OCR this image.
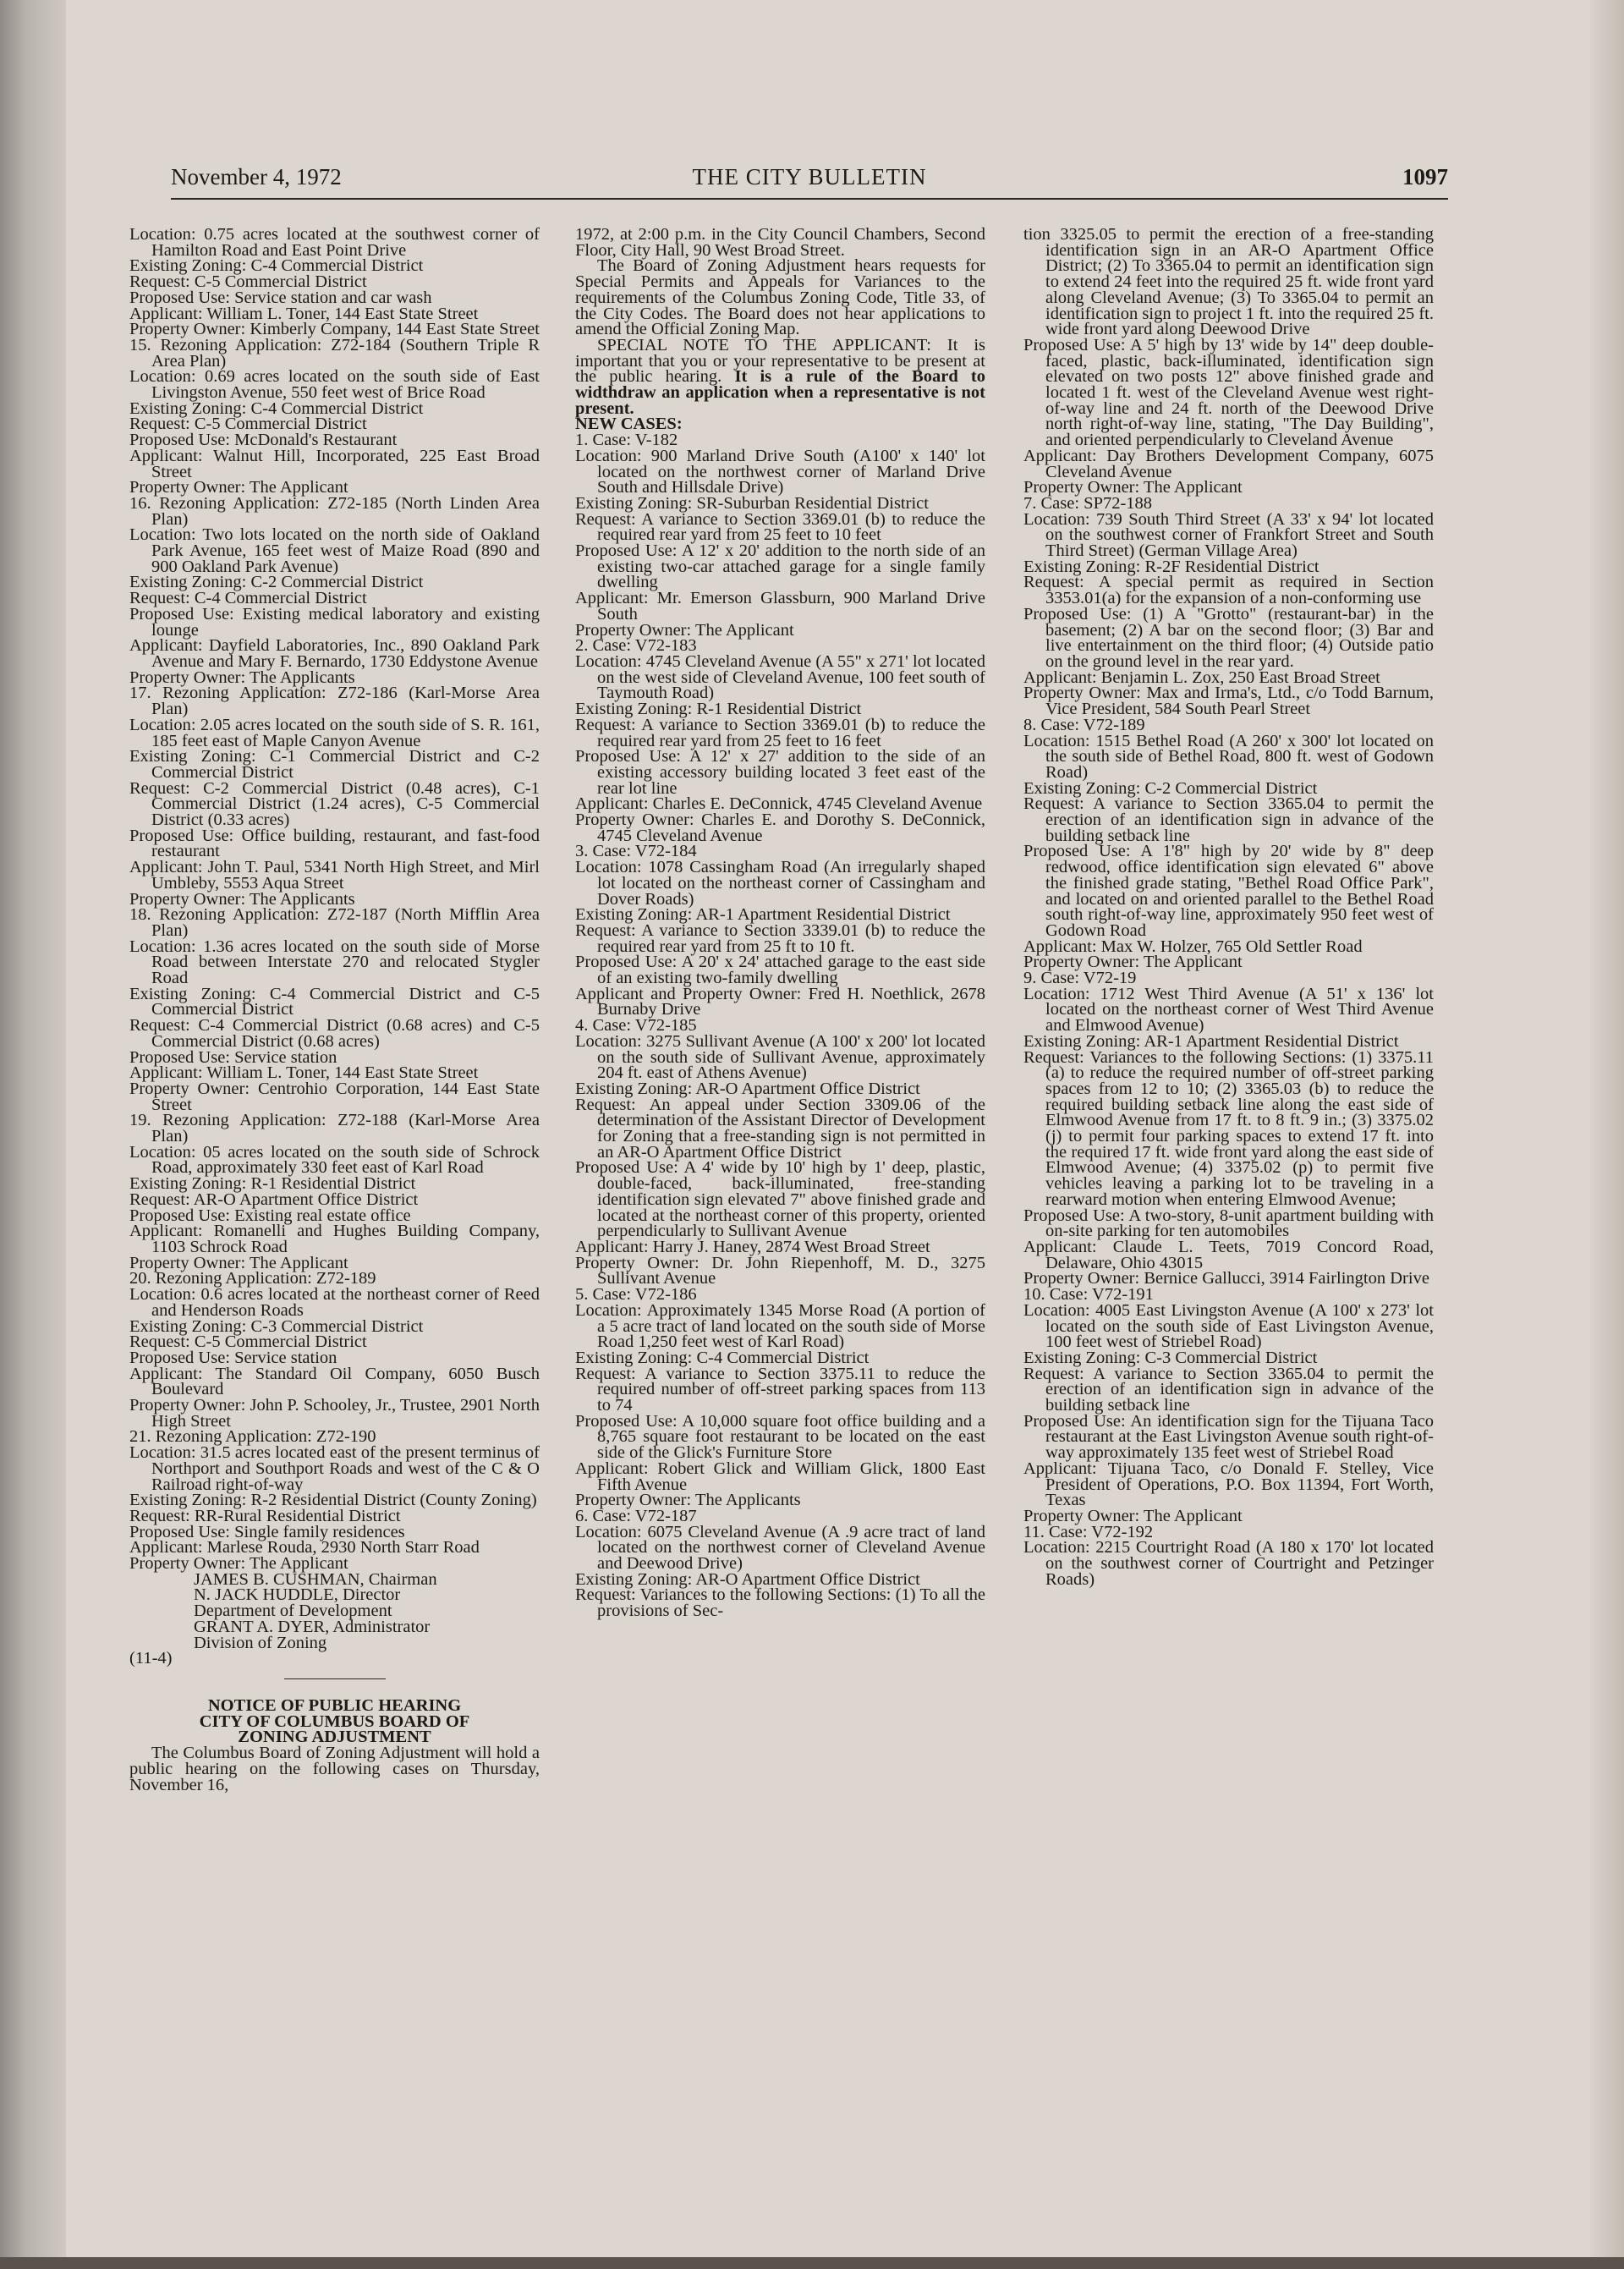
November 4, 1972	THE CITY BULLETIN	1097

Location: 0.75 acres located at the southwest corner of Hamilton Road and East Point Drive

Existing Zoning: C-4 Commercial District

Request: C-5 Commercial District

Proposed Use: Service station and car wash

Applicant: William L. Toner, 144 East State Street

Property Owner: Kimberly Company, 144 East State Street

15. Rezoning Application: Z72-184 (Southern Triple R Area Plan)

Location: 0.69 acres located on the south side of East Livingston Avenue, 550 feet west of Brice Road

Existing Zoning: C-4 Commercial District

Request: C-5 Commercial District

Proposed Use: McDonald's Restaurant

Applicant: Walnut Hill, Incorporated, 225 East Broad Street

Property Owner: The Applicant

16. Rezoning Application: Z72-185 (North Linden Area Plan)

Location: Two lots located on the north side of Oakland Park Avenue, 165 feet west of Maize Road (890 and 900 Oakland Park Avenue)

Existing Zoning: C-2 Commercial District

Request: C-4 Commercial District

Proposed Use: Existing medical laboratory and existing lounge

Applicant: Dayfield Laboratories, Inc., 890 Oakland Park Avenue and Mary F. Bernardo, 1730 Eddystone Avenue

Property Owner: The Applicants

17. Rezoning Application: Z72-186 (Karl-Morse Area Plan)

Location: 2.05 acres located on the south side of S. R. 161, 185 feet east of Maple Canyon Avenue

Existing Zoning: C-1 Commercial District and C-2 Commercial District

Request: C-2 Commercial District (0.48 acres), C-1 Commercial District (1.24 acres), C-5 Commercial District (0.33 acres)

Proposed Use: Office building, restaurant, and fast-food restaurant

Applicant: John T. Paul, 5341 North High Street, and Mirl Umbleby, 5553 Aqua Street

Property Owner: The Applicants

18. Rezoning Application: Z72-187 (North Mifflin Area Plan)

Location: 1.36 acres located on the south side of Morse Road between Interstate 270 and relocated Stygler Road

Existing Zoning: C-4 Commercial District and C-5 Commercial District

Request: C-4 Commercial District (0.68 acres) and C-5 Commercial District (0.68 acres)

Proposed Use: Service station

Applicant: William L. Toner, 144 East State Street

Property Owner: Centrohio Corporation, 144 East State Street

19. Rezoning Application: Z72-188 (Karl-Morse Area Plan)

Location: 05 acres located on the south side of Schrock Road, approximately 330 feet east of Karl Road

Existing Zoning: R-1 Residential District

Request: AR-O Apartment Office District

Proposed Use: Existing real estate office

Applicant: Romanelli and Hughes Building Company, 1103 Schrock Road

Property Owner: The Applicant

20. Rezoning Application: Z72-189

Location: 0.6 acres located at the northeast corner of Reed and Henderson Roads

Existing Zoning: C-3 Commercial District

Request: C-5 Commercial District

Proposed Use: Service station

Applicant: The Standard Oil Company, 6050 Busch Boulevard

Property Owner: John P. Schooley, Jr., Trustee, 2901 North High Street

21. Rezoning Application: Z72-190

Location: 31.5 acres located east of the present terminus of Northport and Southport Roads and west of the C & O Railroad right-of-way

Existing Zoning: R-2 Residential District (County Zoning)

Request: RR-Rural Residential District

Proposed Use: Single family residences

Applicant: Marlese Rouda, 2930 North Starr Road

Property Owner: The Applicant

JAMES B. CUSHMAN, Chairman

N. JACK HUDDLE, Director

Department of Development

GRANT A. DYER, Administrator

Division of Zoning

(11-4)

NOTICE OF PUBLIC HEARING
CITY OF COLUMBUS BOARD OF
ZONING ADJUSTMENT

The Columbus Board of Zoning Adjustment will hold a public hearing on the following cases on Thursday, November 16,

1972, at 2:00 p.m. in the City Council Chambers, Second Floor, City Hall, 90 West Broad Street.

The Board of Zoning Adjustment hears requests for Special Permits and Appeals for Variances to the requirements of the Columbus Zoning Code, Title 33, of the City Codes. The Board does not hear applications to amend the Official Zoning Map.

SPECIAL NOTE TO THE APPLICANT: It is important that you or your representative to be present at the public hearing. It is a rule of the Board to widthdraw an application when a representative is not present.

NEW CASES:

1. Case: V-182

Location: 900 Marland Drive South (A100' x 140' lot located on the northwest corner of Marland Drive South and Hillsdale Drive)

Existing Zoning: SR-Suburban Residential District

Request: A variance to Section 3369.01 (b) to reduce the required rear yard from 25 feet to 10 feet

Proposed Use: A 12' x 20' addition to the north side of an existing two-car attached garage for a single family dwelling

Applicant: Mr. Emerson Glassburn, 900 Marland Drive South

Property Owner: The Applicant

2. Case: V72-183

Location: 4745 Cleveland Avenue (A 55" x 271' lot located on the west side of Cleveland Avenue, 100 feet south of Taymouth Road)

Existing Zoning: R-1 Residential District

Request: A variance to Section 3369.01 (b) to reduce the required rear yard from 25 feet to 16 feet

Proposed Use: A 12' x 27' addition to the side of an existing accessory building located 3 feet east of the rear lot line

Applicant: Charles E. DeConnick, 4745 Cleveland Avenue

Property Owner: Charles E. and Dorothy S. DeConnick, 4745 Cleveland Avenue

3. Case: V72-184

Location: 1078 Cassingham Road (An irregularly shaped lot located on the northeast corner of Cassingham and Dover Roads)

Existing Zoning: AR-1 Apartment Residential District

Request: A variance to Section 3339.01 (b) to reduce the required rear yard from 25 ft to 10 ft.

Proposed Use: A 20' x 24' attached garage to the east side of an existing two-family dwelling

Applicant and Property Owner: Fred H. Noethlick, 2678 Burnaby Drive

4. Case: V72-185

Location: 3275 Sullivant Avenue (A 100' x 200' lot located on the south side of Sullivant Avenue, approximately 204 ft. east of Athens Avenue)

Existing Zoning: AR-O Apartment Office District

Request: An appeal under Section 3309.06 of the determination of the Assistant Director of Development for Zoning that a free-standing sign is not permitted in an AR-O Apartment Office District

Proposed Use: A 4' wide by 10' high by 1' deep, plastic, double-faced, back-illuminated, free-standing identification sign elevated 7" above finished grade and located at the northeast corner of this property, oriented perpendicularly to Sullivant Avenue

Applicant: Harry J. Haney, 2874 West Broad Street

Property Owner: Dr. John Riepenhoff, M. D., 3275 Sullivant Avenue

5. Case: V72-186

Location: Approximately 1345 Morse Road (A portion of a 5 acre tract of land located on the south side of Morse Road 1,250 feet west of Karl Road)

Existing Zoning: C-4 Commercial District

Request: A variance to Section 3375.11 to reduce the required number of off-street parking spaces from 113 to 74

Proposed Use: A 10,000 square foot office building and a 8,765 square foot restaurant to be located on the east side of the Glick's Furniture Store

Applicant: Robert Glick and William Glick, 1800 East Fifth Avenue

Property Owner: The Applicants

6. Case: V72-187

Location: 6075 Cleveland Avenue (A .9 acre tract of land located on the northwest corner of Cleveland Avenue and Deewood Drive)

Existing Zoning: AR-O Apartment Office District

Request: Variances to the following Sections: (1) To all the provisions of Sec-

tion 3325.05 to permit the erection of a free-standing identification sign in an AR-O Apartment Office District; (2) To 3365.04 to permit an identification sign to extend 24 feet into the required 25 ft. wide front yard along Cleveland Avenue; (3) To 3365.04 to permit an identification sign to project 1 ft. into the required 25 ft. wide front yard along Deewood Drive

Proposed Use: A 5' high by 13' wide by 14" deep double-faced, plastic, back-illuminated, identification sign elevated on two posts 12" above finished grade and located 1 ft. west of the Cleveland Avenue west right-of-way line and 24 ft. north of the Deewood Drive north right-of-way line, stating, "The Day Building", and oriented perpendicularly to Cleveland Avenue

Applicant: Day Brothers Development Company, 6075 Cleveland Avenue

Property Owner: The Applicant

7. Case: SP72-188

Location: 739 South Third Street (A 33' x 94' lot located on the southwest corner of Frankfort Street and South Third Street) (German Village Area)

Existing Zoning: R-2F Residential District

Request: A special permit as required in Section 3353.01(a) for the expansion of a non-conforming use

Proposed Use: (1) A "Grotto" (restaurant-bar) in the basement; (2) A bar on the second floor; (3) Bar and live entertainment on the third floor; (4) Outside patio on the ground level in the rear yard.

Applicant: Benjamin L. Zox, 250 East Broad Street

Property Owner: Max and Irma's, Ltd., c/o Todd Barnum, Vice President, 584 South Pearl Street

8. Case: V72-189

Location: 1515 Bethel Road (A 260' x 300' lot located on the south side of Bethel Road, 800 ft. west of Godown Road)

Existing Zoning: C-2 Commercial District

Request: A variance to Section 3365.04 to permit the erection of an identification sign in advance of the building setback line

Proposed Use: A 1'8" high by 20' wide by 8" deep redwood, office identification sign elevated 6" above the finished grade stating, "Bethel Road Office Park", and located on and oriented parallel to the Bethel Road south right-of-way line, approximately 950 feet west of Godown Road

Applicant: Max W. Holzer, 765 Old Settler Road

Property Owner: The Applicant

9. Case: V72-19

Location: 1712 West Third Avenue (A 51' x 136' lot located on the northeast corner of West Third Avenue and Elmwood Avenue)

Existing Zoning: AR-1 Apartment Residential District

Request: Variances to the following Sections: (1) 3375.11 (a) to reduce the required number of off-street parking spaces from 12 to 10; (2) 3365.03 (b) to reduce the required building setback line along the east side of Elmwood Avenue from 17 ft. to 8 ft. 9 in.; (3) 3375.02 (j) to permit four parking spaces to extend 17 ft. into the required 17 ft. wide front yard along the east side of Elmwood Avenue; (4) 3375.02 (p) to permit five vehicles leaving a parking lot to be traveling in a rearward motion when entering Elmwood Avenue;

Proposed Use: A two-story, 8-unit apartment building with on-site parking for ten automobiles

Applicant: Claude L. Teets, 7019 Concord Road, Delaware, Ohio 43015

Property Owner: Bernice Gallucci, 3914 Fairlington Drive

10. Case: V72-191

Location: 4005 East Livingston Avenue (A 100' x 273' lot located on the south side of East Livingston Avenue, 100 feet west of Striebel Road)

Existing Zoning: C-3 Commercial District

Request: A variance to Section 3365.04 to permit the erection of an identification sign in advance of the building setback line

Proposed Use: An identification sign for the Tijuana Taco restaurant at the East Livingston Avenue south right-of-way approximately 135 feet west of Striebel Road

Applicant: Tijuana Taco, c/o Donald F. Stelley, Vice President of Operations, P.O. Box 11394, Fort Worth, Texas

Property Owner: The Applicant

11. Case: V72-192

Location: 2215 Courtright Road (A 180 x 170' lot located on the southwest corner of Courtright and Petzinger Roads)
